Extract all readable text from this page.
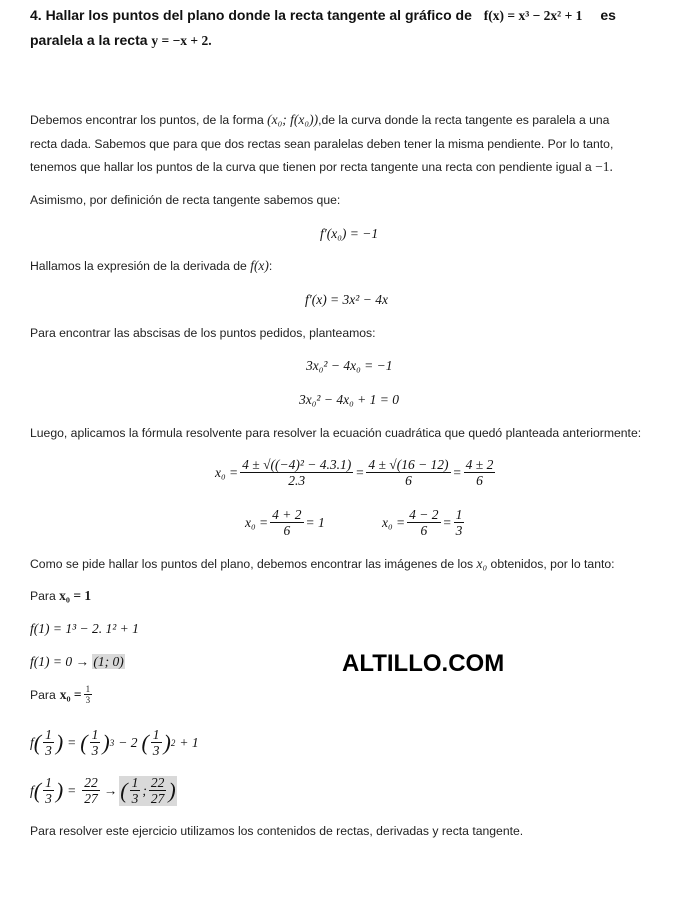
4. Hallar los puntos del plano donde la recta tangente al gráfico de f(x) = x³ − 2x² + 1 es
paralela a la recta y = −x + 2.
Debemos encontrar los puntos, de la forma (x₀; f(x₀)),de la curva donde la recta tangente es paralela a una
recta dada. Sabemos que para que dos rectas sean paralelas deben tener la misma pendiente. Por lo tanto,
tenemos que hallar los puntos de la curva que tienen por recta tangente una recta con pendiente igual a −1.
Asimismo, por definición de recta tangente sabemos que:
f′(x₀) = −1
Hallamos la expresión de la derivada de f(x):
f′(x) = 3x² − 4x
Para encontrar las abscisas de los puntos pedidos, planteamos:
3x₀² − 4x₀ = −1
3x₀² − 4x₀ + 1 = 0
Luego, aplicamos la fórmula resolvente para resolver la ecuación cuadrática que quedó planteada anteriormente:
$x_0 = \frac{\text{4 ± √((−4)² − 4.3.1)}}{2.3} = \frac{4 \pm √(16 - 12)}{6} = \frac{4 \pm 2}{6}$
$x_0 = \frac{4 + 2}{6} = 1$	$x_0 = \frac{4 - 2}{6} = \frac{1}{3}$
Como se pide hallar los puntos del plano, debemos encontrar las imágenes de los x₀ obtenidos, por lo tanto:
Para x₀ = 1
f(1) = 1³ − 2. 1² + 1
f(1) = 0 → (1; 0)	ALTILLO.COM
Para $x_0 = \frac{1}{3}$
f ( $\frac{1}{3}$ ) = ( $\frac{1}{3}$ ) 3 − 2 ( $\frac{1}{3}$ ) 2 + 1
f ( $\frac{1}{3}$ ) = $\frac{22}{27}$ → ( $\frac{1}{3}$ ; $\frac{22}{27}$ )
Para resolver este ejercicio utilizamos los contenidos de rectas, derivadas y recta tangente.
